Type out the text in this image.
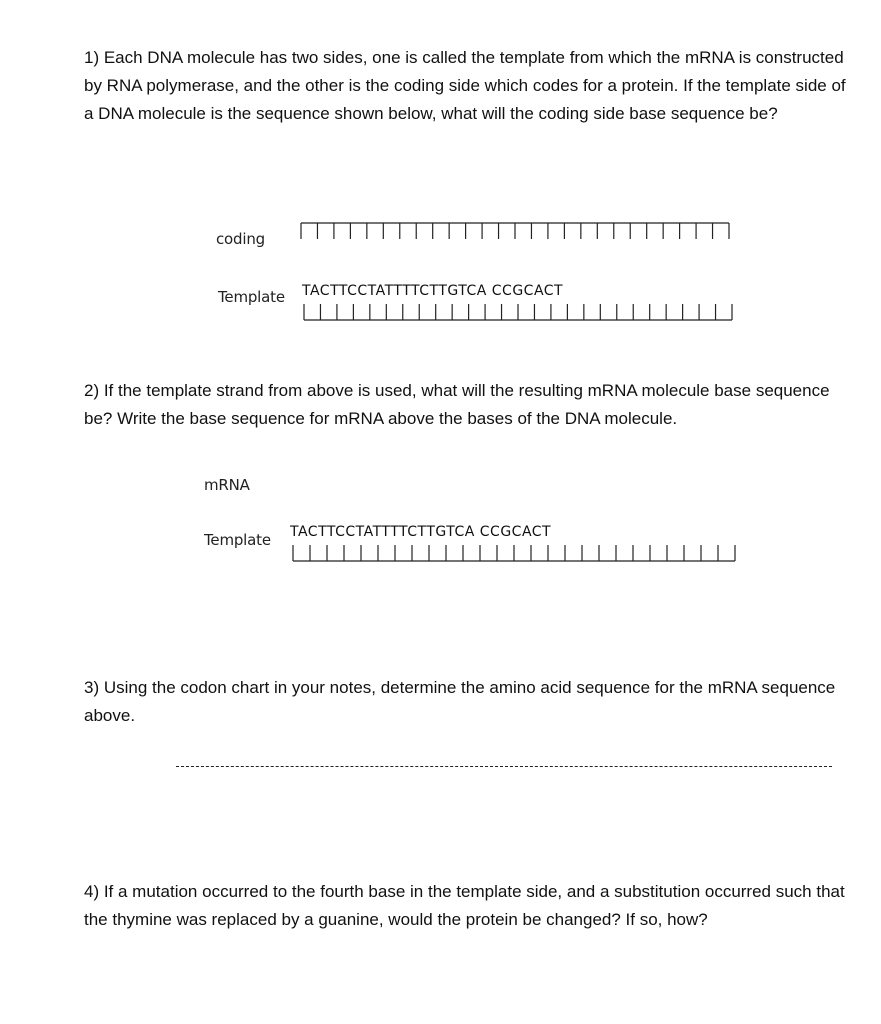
1) Each DNA molecule has two sides, one is called the template from which the mRNA is constructed by RNA polymerase, and the other is the coding side which codes for a protein. If the template side of a DNA molecule is the sequence shown below, what will the coding side base sequence be?
coding
Template TACTTCCTATTTTCTTGTCA CCGCACT
2) If the template strand from above is used, what will the resulting mRNA molecule base sequence be? Write the base sequence for mRNA above the bases of the DNA molecule.
mRNA
Template TACTTCCTATTTTCTTGTCA CCGCACT
3) Using the codon chart in your notes, determine the amino acid sequence for the mRNA sequence above.
4) If a mutation occurred to the fourth base in the template side, and a substitution occurred such that the thymine was replaced by a guanine, would the protein be changed? If so, how?
